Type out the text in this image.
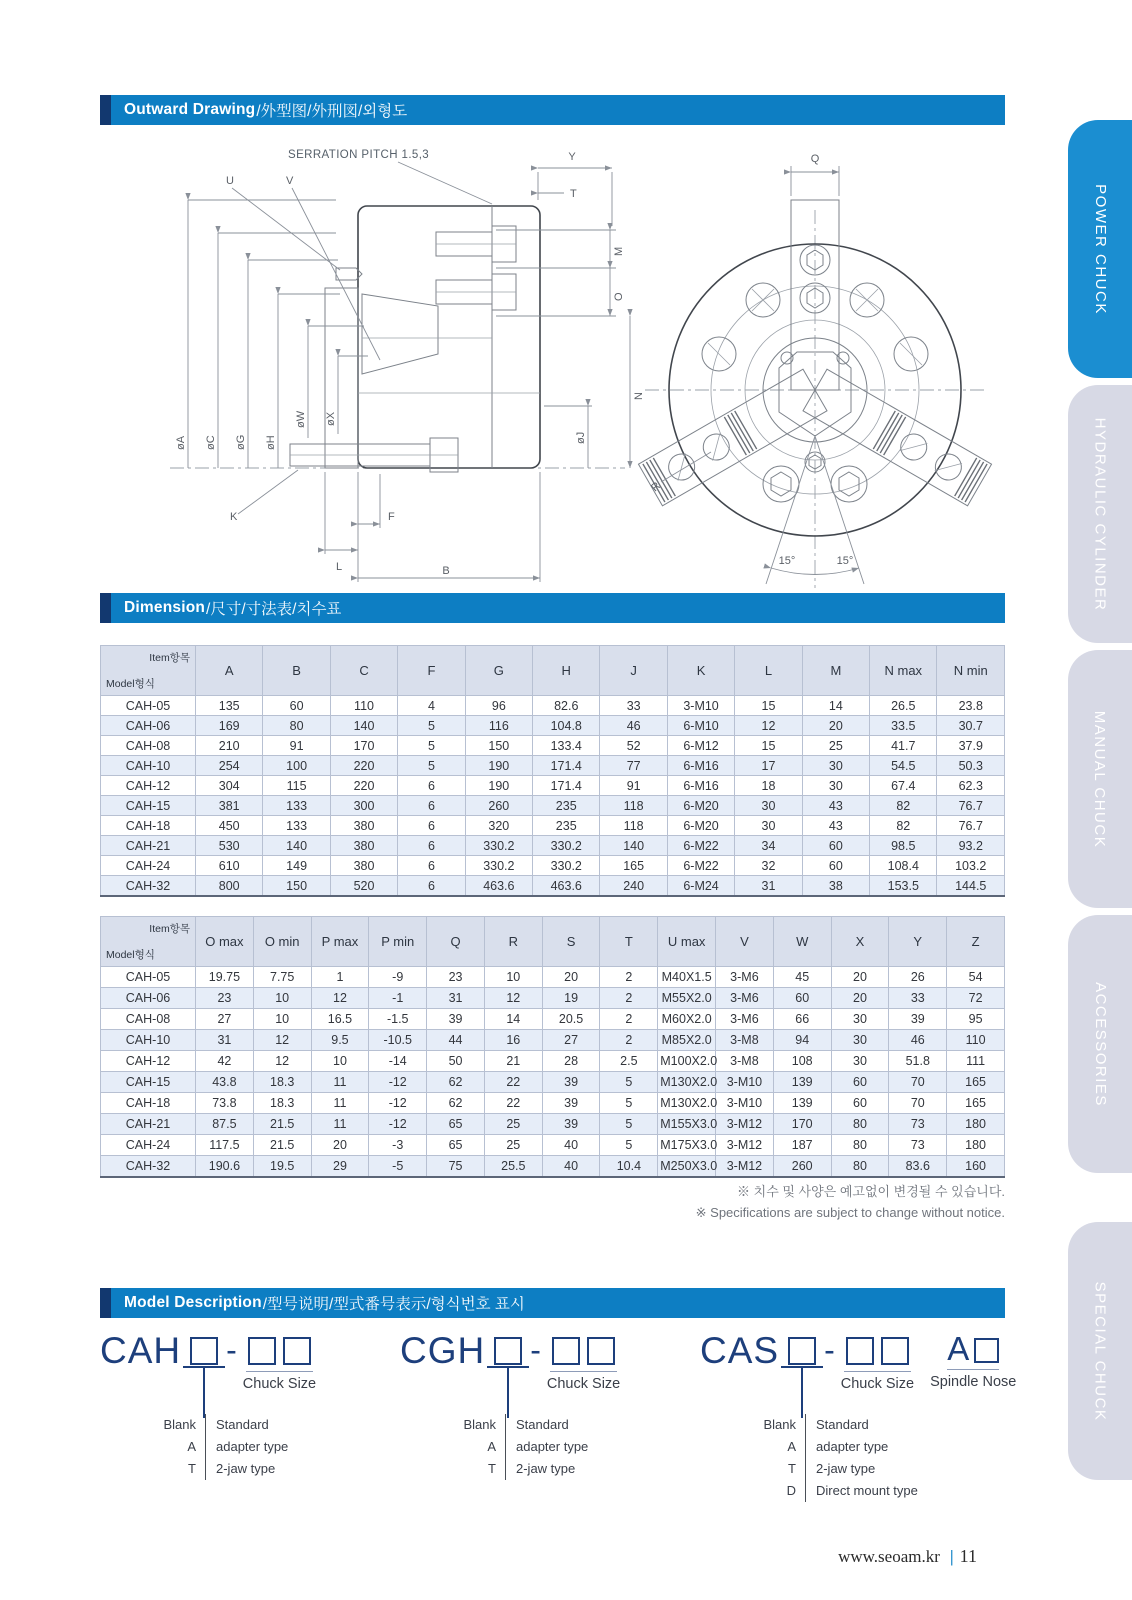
Outward Drawing /外型图/外刑図/외형도
SERRATION PITCH 1.5,3
U	V
Y
T
M
O
N
øJ
øA øC øG øH
øW øX
K	F
L	B
Q
R
15°	15°
Dimension /尺寸/寸法表/치수표
Item항목
Model형식	A	B	C	F	G	H	J	K	L	M	N max	N min
CAH-05	135	60	110	4	96	82.6	33	3-M10	15	14	26.5	23.8
CAH-06	169	80	140	5	116	104.8	46	6-M10	12	20	33.5	30.7
CAH-08	210	91	170	5	150	133.4	52	6-M12	15	25	41.7	37.9
CAH-10	254	100	220	5	190	171.4	77	6-M16	17	30	54.5	50.3
CAH-12	304	115	220	6	190	171.4	91	6-M16	18	30	67.4	62.3
CAH-15	381	133	300	6	260	235	118	6-M20	30	43	82	76.7
CAH-18	450	133	380	6	320	235	118	6-M20	30	43	82	76.7
CAH-21	530	140	380	6	330.2	330.2	140	6-M22	34	60	98.5	93.2
CAH-24	610	149	380	6	330.2	330.2	165	6-M22	32	60	108.4	103.2
CAH-32	800	150	520	6	463.6	463.6	240	6-M24	31	38	153.5	144.5
Item항목
Model형식	O max	O min	P max	P min	Q	R	S	T	U max	V	W	X	Y	Z
CAH-05	19.75	7.75	1	-9	23	10	20	2	M40X1.5	3-M6	45	20	26	54
CAH-06	23	10	12	-1	31	12	19	2	M55X2.0	3-M6	60	20	33	72
CAH-08	27	10	16.5	-1.5	39	14	20.5	2	M60X2.0	3-M6	66	30	39	95
CAH-10	31	12	9.5	-10.5	44	16	27	2	M85X2.0	3-M8	94	30	46	110
CAH-12	42	12	10	-14	50	21	28	2.5	M100X2.0	3-M8	108	30	51.8	111
CAH-15	43.8	18.3	11	-12	62	22	39	5	M130X2.0	3-M10	139	60	70	165
CAH-18	73.8	18.3	11	-12	62	22	39	5	M130X2.0	3-M10	139	60	70	165
CAH-21	87.5	21.5	11	-12	65	25	39	5	M155X3.0	3-M12	170	80	73	180
CAH-24	117.5	21.5	20	-3	65	25	40	5	M175X3.0	3-M12	187	80	73	180
CAH-32	190.6	19.5	29	-5	75	25.5	40	10.4	M250X3.0	3-M12	260	80	83.6	160
※ 치수 및 사양은 예고없이 변경될 수 있습니다.
※ Specifications are subject to change without notice.
Model Description /型号说明/型式番号表示/형식번호 표시
CAH -
Chuck Size
Blank	Standard
A	adapter type
T	2-jaw type
CGH -
Chuck Size
Blank	Standard
A	adapter type
T	2-jaw type
CAS -
Chuck Size
A
Spindle Nose
Blank	Standard
A	adapter type
T	2-jaw type
D	Direct mount type
POWER CHUCK
HYDRAULIC CYLINDER
MANUAL CHUCK
ACCESSORIES
SPECIAL CHUCK
www.seoam.kr | 11
